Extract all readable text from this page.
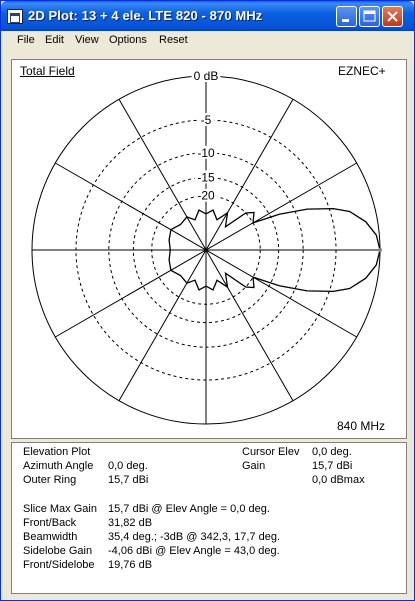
2D Plot: 13 + 4 ele. LTE 820 - 870 MHz
File Edit View Options Reset
Total Field	EZNEC+
840 MHz
0 dB
-5
-10
-15
-20
Elevation Plot
Azimuth Angle 0,0 deg.
Outer Ring	15,7 dBi
Cursor Elev 0,0 deg.
Gain	15,7 dBi
0,0 dBmax
Slice Max Gain 15,7 dBi @ Elev Angle = 0,0 deg.
Front/Back	31,82 dB
Beamwidth	35,4 deg.; -3dB @ 342,3, 17,7 deg.
Sidelobe Gain -4,06 dBi @ Elev Angle = 43,0 deg.
Front/Sidelobe 19,76 dB
